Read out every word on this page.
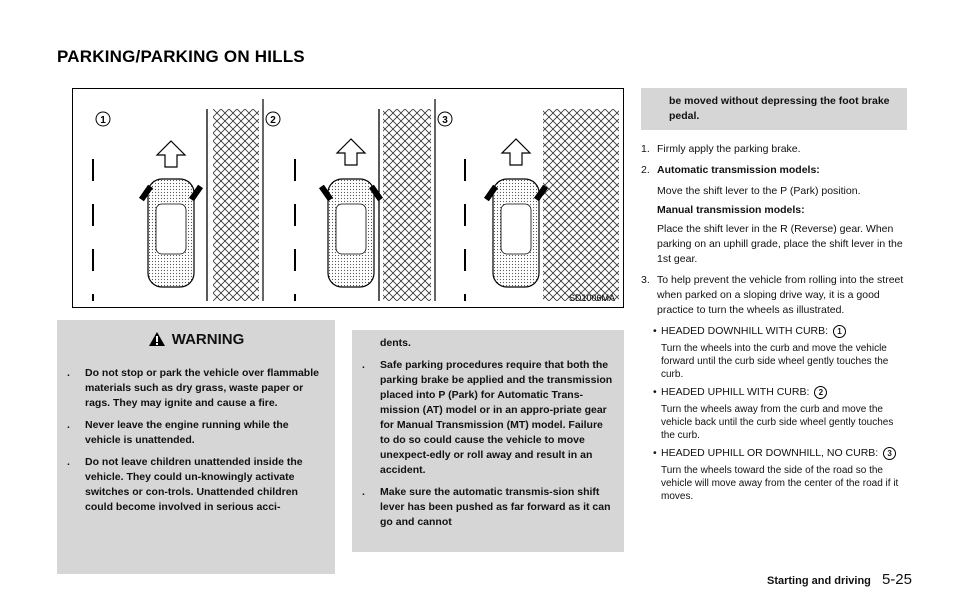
PARKING/PARKING ON HILLS
1	2	3
SD1006MA
WARNING
.	Do not stop or park the vehicle over flammable materials such as dry grass, waste paper or rags. They may ignite and cause a fire.
.	Never leave the engine running while the vehicle is unattended.
.	Do not leave children unattended inside the vehicle. They could un-knowingly activate switches or con-trols. Unattended children could become involved in serious acci-
dents.
.	Safe parking procedures require that both the parking brake be applied and the transmission placed into P (Park) for Automatic Trans-mission (AT) model or in an appro-priate gear for Manual Transmission (MT) model. Failure to do so could cause the vehicle to move unexpect-edly or roll away and result in an accident.
.	Make sure the automatic transmis-sion shift lever has been pushed as far forward as it can go and cannot
be moved without depressing the foot brake pedal.
1. Firmly apply the parking brake.
2. Automatic transmission models:
Move the shift lever to the P (Park) position.
Manual transmission models:
Place the shift lever in the R (Reverse) gear. When parking on an uphill grade, place the shift lever in the 1st gear.
3. To help prevent the vehicle from rolling into the street when parked on a sloping drive way, it is a good practice to turn the wheels as illustrated.
• HEADED DOWNHILL WITH CURB: 1
Turn the wheels into the curb and move the vehicle forward until the curb side wheel gently touches the curb.
• HEADED UPHILL WITH CURB: 2
Turn the wheels away from the curb and move the vehicle back until the curb side wheel gently touches the curb.
• HEADED UPHILL OR DOWNHILL, NO CURB: 3
Turn the wheels toward the side of the road so the vehicle will move away from the center of the road if it moves.
Starting and driving 5-25
